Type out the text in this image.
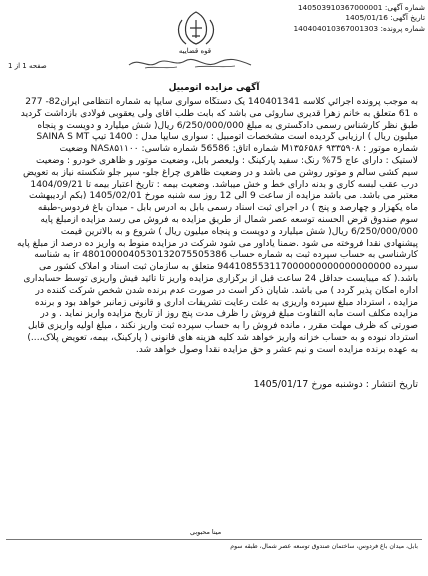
شماره آگهی: 140503910367000001
تاریخ آگهی: 1405/01/16
شماره پرونده: 140404010367001303
قوه قضاییه
صفحه 1 از 1
آگهی مزایده اتومبیل
به موجب پرونده اجرائي کلاسه 140401341 یک دستگاه سواری سایپا به شماره انتظامی ایران82- 277
ه 61 متعلق به خانم زهرا قدیری ساروئی می باشد که بابت طلب آقای ولی یعقوبی فولادی بازداشت گردید
طبق نظر کارشناس رسمی دادگستری به مبلغ 6/250/000/000 ریال( شش میلیارد و دویست و پنجاه
میلیون ریال ) ارزیابی گردیده است مشخصات اتومبیل : سواری سایپا مدل : 1400 تیپ SAINA S MT
شماره موتور : M۱۳۵۶۵۸۶ ۹۳۳۵۹۰۸ شماره اتاق: 56586 شماره شاسی: NAS۸۵۱۱۰۰ وضعیت
لاستیک : دارای عاج 75% رنگ: سفید پارکینگ : ولیعصر بابل، وضعیت موتور و ظاهری خودرو : وضعیت
سیم کشی سالم و موتور روشن می باشد و در وضعیت ظاهری چراغ جلو- سپر جلو شکسته نیاز به تعویض
درب عقب لبسه کاری و بدنه دارای خط و خش میباشد. وضعیت بیمه : تاریخ اعتبار بیمه تا 1404/09/21
معتبر می باشد. می باشد مزایده از ساعت 9 الی 12 روز سه شنبه مورخ 1405/02/01 (بکم اردیبهشت
ماه یکهزار و چهارصد و پنج ) در اجرای ثبت اسناد رسمی بابل به آدرس بابل - میدان باغ فردوس-طبقه
سوم صندوق قرض الحسنه توسعه عصر شمال از طریق مزایده به فروش می رسد مزایده ازمبلغ پایه
6/250/000/000 ریال( شش میلیارد و دویست و پنجاه میلیون ریال ) شروع و به بالاترین قیمت
پیشنهادی نقدا فروخته می شود .ضمنا یادآور می شود شرکت در مزایده منوط به واریز ده درصد از مبلغ پایه
کارشناسی به حساب سپرده ثبت به شماره حساب 4801000040530132075505386 ir به شناسه
سپرده 944108553117000000000000000000 متعلق به سازمان ثبت اسناد و املاک کشور می
باشد.( که میبایست حداقل 24 ساعت قبل از برگزاری مزایده واریز تا تائید فیش واریزی توسط حسابداری
اداره امکان پذیر گردد ) می باشد. شایان ذکر است در صورت عدم برنده شدن شخص شرکت کننده در
مزایده ، استرداد مبلغ سپرده واریزی به علت رعایت تشریفات اداری و قانونی زمانبر خواهد بود و برنده
مزایده مکلف است مابه التفاوت مبلغ فروش را ظرف مدت پنج روز از تاریخ مزایده واریز نماید . و در
صورتی که ظرف مهلت مقرر ، مانده فروش را به حساب سپرده ثبت واریز نکند ، مبلغ اولیه واریزی قابل
استرداد نبوده و به حساب خزانه واریز خواهد شد کلیه هزینه های قانونی ( پارکینگ، بیمه، تعویض پلاک،...)
به عهده برنده مزایده است و نیم عشر و حق مزایده نقدا وصول خواهد شد.
تاریخ انتشار : دوشنبه مورخ 1405/01/17
مینا محبوبی
بابل، میدان باغ فردوس، ساختمان صندوق توسعه عصر شمال، طبقه سوم
